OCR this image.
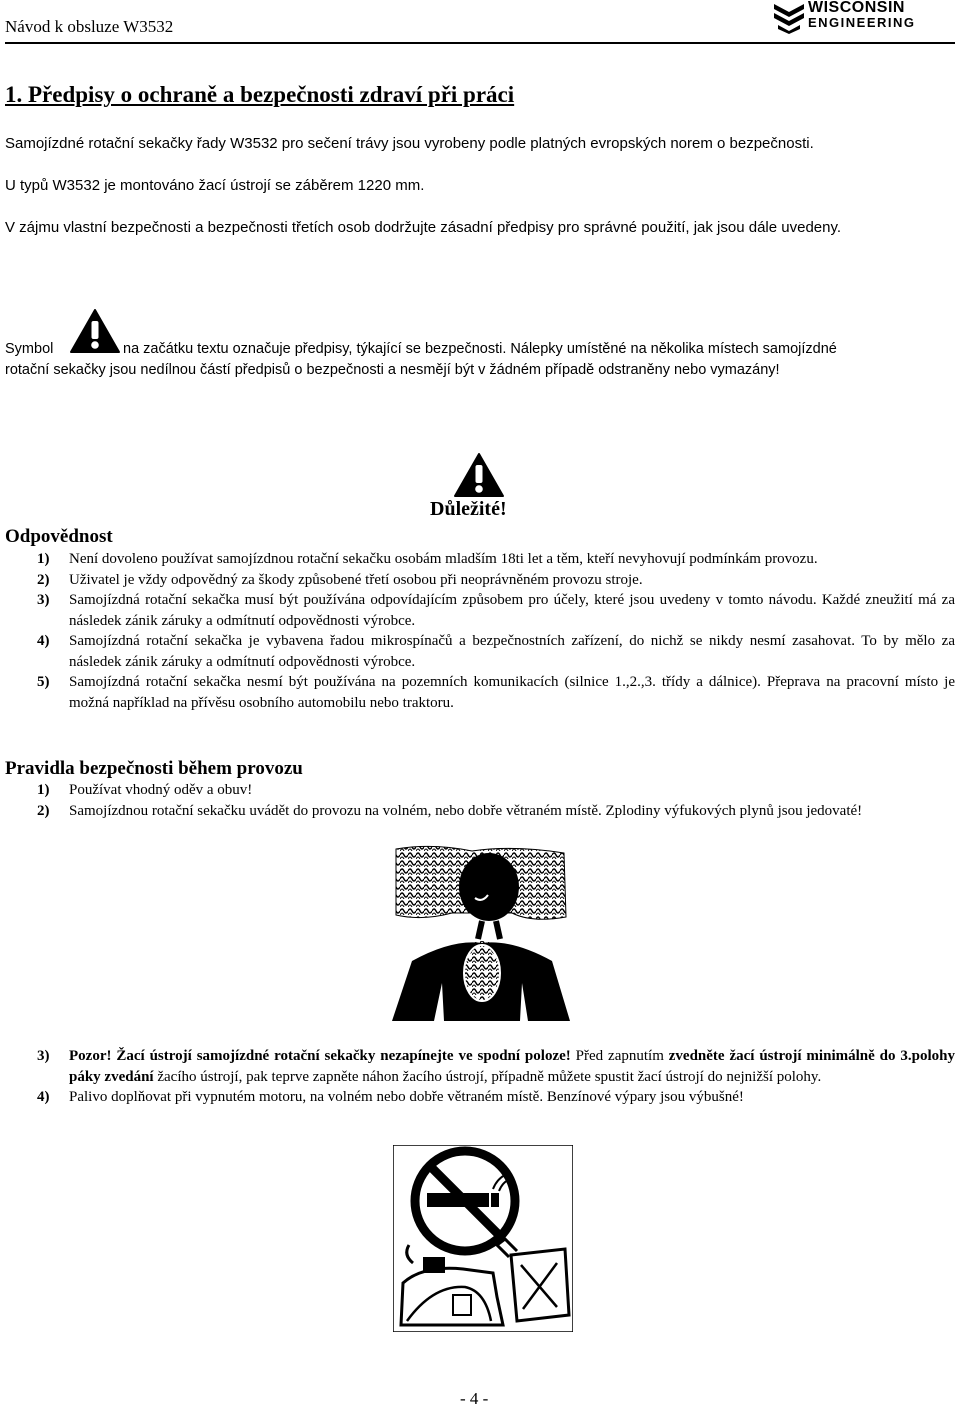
Návod k obsluze W3532
WISCONSIN
ENGINEERING
1. Předpisy o ochraně a bezpečnosti zdraví při práci

Samojízdné rotační sekačky řady W3532 pro sečení trávy jsou vyrobeny podle platných evropských norem o bezpečnosti.

U typů W3532 je montováno žací ústrojí se záběrem 1220 mm.

V zájmu vlastní bezpečnosti a bezpečnosti třetích osob dodržujte zásadní předpisy pro správné použití, jak jsou dále uvedeny.

Symbol	na začátku textu označuje předpisy, týkající se bezpečnosti. Nálepky umístěné na několika místech samojízdné
rotační sekačky jsou nedílnou částí předpisů o bezpečnosti a nesmějí být v žádném případě odstraněny nebo vymazány!
Důležité!
Odpovědnost
1) Není dovoleno používat samojízdnou rotační sekačku osobám mladším 18ti let a těm, kteří nevyhovují podmínkám provozu.
2) Uživatel je vždy odpovědný za škody způsobené třetí osobou při neoprávněném provozu stroje.
3) Samojízdná rotační sekačka musí být používána odpovídajícím způsobem pro účely, které jsou uvedeny v tomto návodu. Každé zneužití má za následek zánik záruky a odmítnutí odpovědnosti výrobce.
4) Samojízdná rotační sekačka je vybavena řadou mikrospínačů a bezpečnostních zařízení, do nichž se nikdy nesmí zasahovat. To by mělo za následek zánik záruky a odmítnutí odpovědnosti výrobce.
5) Samojízdná rotační sekačka nesmí být používána na pozemních komunikacích (silnice 1.,2.,3. třídy a dálnice). Přeprava na pracovní místo je možná například na přívěsu osobního automobilu nebo traktoru.
Pravidla bezpečnosti během provozu
1) Používat vhodný oděv a obuv!
2) Samojízdnou rotační sekačku uvádět do provozu na volném, nebo dobře větraném místě. Zplodiny výfukových plynů jsou jedovaté!
3) Pozor! Žací ústrojí samojízdné rotační sekačky nezapínejte ve spodní poloze! Před zapnutím zvedněte žací ústrojí minimálně do 3.polohy páky zvedání žacího ústrojí, pak teprve zapněte náhon žacího ústrojí, případně můžete spustit žací ústrojí do nejnižší polohy.
4) Palivo doplňovat při vypnutém motoru, na volném nebo dobře větraném místě. Benzínové výpary jsou výbušné!
- 4 -
